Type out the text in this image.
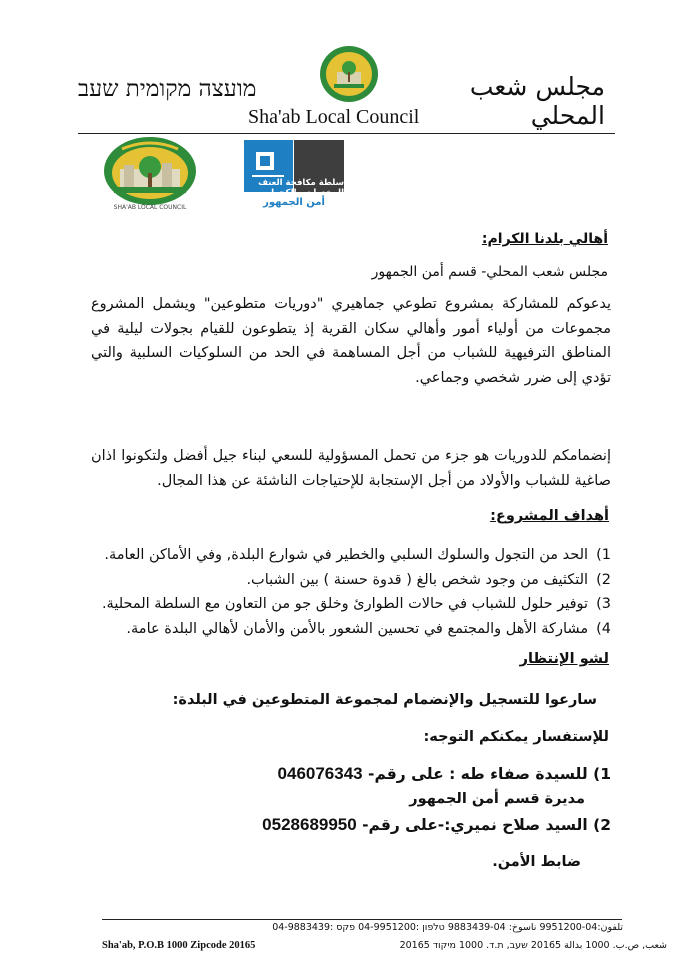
مجلس شعب المحلي
מועצה מקומית שעב
Sha'ab Local Council
SHA'AB LOCAL COUNCIL
سلطة مكافحة العنف المخدرات والكحول
أمن الجمهور
أهالي بلدنا الكرام:
مجلس شعب المحلي- قسم أمن الجمهور
يدعوكم للمشاركة بمشروع تطوعي جماهيري "دوريات متطوعين" ويشمل المشروع مجموعات من أولياء أمور وأهالي سكان القرية إذ يتطوعون للقيام بجولات ليلية في المناطق الترفيهية للشباب من أجل المساهمة في الحد من السلوكيات السلبية والتي تؤدي إلى ضرر شخصي وجماعي.
إنضمامكم للدوريات هو جزء من تحمل المسؤولية للسعي لبناء جيل أفضل ولتكونوا اذان صاغية للشباب والأولاد من أجل الإستجابة للإحتياجات الناشئة عن هذا المجال.
أهداف المشروع:
1)الحد من التجول والسلوك السلبي والخطير في شوارع البلدة, وفي الأماكن العامة.
2)التكثيف من وجود شخص بالغ ( قدوة حسنة ) بين الشباب.
3)توفير حلول للشباب في حالات الطوارئ وخلق جو من التعاون مع السلطة المحلية.
4)مشاركة الأهل والمجتمع في تحسين الشعور بالأمن والأمان لأهالي البلدة عامة.
لشو الإنتظار
سارعوا للتسجيل والإنضمام لمجموعة المتطوعين في البلدة:
للإستفسار يمكنكم التوجه:
1) للسيدة صفاء طه : على رقم- 046076343
مديرة قسم أمن الجمهور
2) السيد صلاح نميري:-على رقم- 0528689950
ضابط الأمن.
تلفون:04-9951200 ناسوخ: 04-9883439 טלפון :04-9951200 פקס :04-9883439
شعب, ص.ب. 1000 بدالة 20165 שעב, ת.ד. 1000 מיקוד 20165
Sha'ab, P.O.B 1000 Zipcode 20165
